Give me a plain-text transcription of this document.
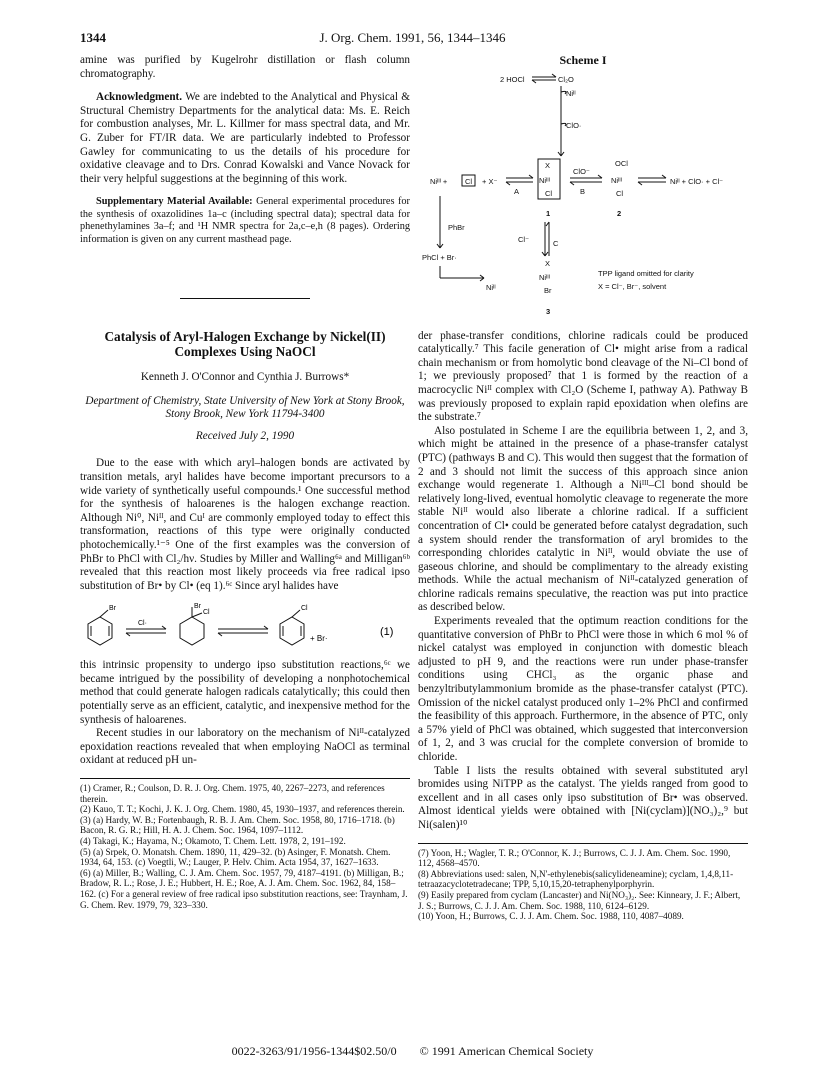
1344	J. Org. Chem. 1991, 56, 1344–1346

amine was purified by Kugelrohr distillation or flash column chromatography.

Acknowledgment. We are indebted to the Analytical and Physical & Structural Chemistry Departments for the analytical data: Ms. E. Reich for combustion analyses, Mr. L. Killmer for mass spectral data, and Mr. G. Zuber for FT/IR data. We are particularly indebted to Professor Gawley for communicating to us the details of his procedure for oxidative cleavage and to Drs. Conrad Kowalski and Vance Novack for their very helpful suggestions at the beginning of this work.

Supplementary Material Available: General experimental procedures for the synthesis of oxazolidines 1a–c (including spectral data); spectral data for phenethylamines 3a–f; and ¹H NMR spectra for 2a,c–e,h (8 pages). Ordering information is given on any current masthead page.

Catalysis of Aryl-Halogen Exchange by Nickel(II) Complexes Using NaOCl
Kenneth J. O'Connor and Cynthia J. Burrows*
Department of Chemistry, State University of New York at Stony Brook, Stony Brook, New York 11794-3400
Received July 2, 1990

Due to the ease with which aryl–halogen bonds are activated by transition metals, aryl halides have become important precursors to a wide variety of synthetically useful compounds.¹ One successful method for the synthesis of haloarenes is the halogen exchange reaction. Although Ni⁰, Niᴵᴵ, and Cuᴵ are commonly employed today to effect this transformation, reactions of this type were originally conducted photochemically.¹⁻⁵ One of the first examples was the conversion of PhBr to PhCl with Cl₂/hν. Studies by Miller and Walling⁶ᵃ and Milligan⁶ᵇ revealed that this reaction most likely proceeds via free radical ipso substitution of Br• by Cl• (eq 1).⁶ᶜ Since aryl halides have

Br
Cl·
Br
Cl
Cl
+ Br·
(1)

this intrinsic propensity to undergo ipso substitution reactions,⁶ᶜ we became intrigued by the possibility of developing a nonphotochemical method that could generate halogen radicals catalytically; this could then potentially serve as an efficient, catalytic, and inexpensive method for the synthesis of haloarenes.

Recent studies in our laboratory on the mechanism of Niᴵᴵ-catalyzed epoxidation reactions revealed that when employing NaOCl as terminal oxidant at reduced pH un-

(1) Cramer, R.; Coulson, D. R. J. Org. Chem. 1975, 40, 2267–2273, and references therein.
(2) Kauo, T. T.; Kochi, J. K. J. Org. Chem. 1980, 45, 1930–1937, and references therein.
(3) (a) Hardy, W. B.; Fortenbaugh, R. B. J. Am. Chem. Soc. 1958, 80, 1716–1718. (b) Bacon, R. G. R.; Hill, H. A. J. Chem. Soc. 1964, 1097–1112.
(4) Takagi, K.; Hayama, N.; Okamoto, T. Chem. Lett. 1978, 2, 191–192.
(5) (a) Srpek, O. Monatsh. Chem. 1890, 11, 429–32. (b) Asinger, F. Monatsh. Chem. 1934, 64, 153. (c) Voegtli, W.; Lauger, P. Helv. Chim. Acta 1954, 37, 1627–1633.
(6) (a) Miller, B.; Walling, C. J. Am. Chem. Soc. 1957, 79, 4187–4191. (b) Milligan, B.; Bradow, R. L.; Rose, J. E.; Hubbert, H. E.; Roe, A. J. Am. Chem. Soc. 1962, 84, 158–162. (c) For a general review of free radical ipso substitution reactions, see: Traynham, J. G. Chem. Rev. 1979, 79, 323–330.
Scheme I
2 HOCl	Cl₂O
Niᴵᴵ
ClO·
Niᴵᴵᴵ + Cl + X⁻
A
X
Niᴵᴵᴵ
Cl
1
ClO⁻
B
OCl
Niᴵᴵᴵ
Cl
2
Niᴵᴵ + ClO· + Cl⁻
PhBr
Cl⁻	C
PhCl + Br·
X
Niᴵᴵᴵ
Br
3
Niᴵᴵ
TPP ligand omitted for clarity
X = Cl⁻, Br⁻, solvent

der phase-transfer conditions, chlorine radicals could be produced catalytically.⁷ This facile generation of Cl• might arise from a radical chain mechanism or from homolytic bond cleavage of the Ni–Cl bond of 1; we previously proposed⁷ that 1 is formed by the reaction of a macrocyclic Niᴵᴵ complex with Cl₂O (Scheme I, pathway A). Pathway B was previously proposed to explain rapid epoxidation when olefins are the substrate.⁷

Also postulated in Scheme I are the equilibria between 1, 2, and 3, which might be attained in the presence of a phase-transfer catalyst (PTC) (pathways B and C). This would then suggest that the formation of 2 and 3 should not limit the success of this approach since anion exchange would regenerate 1. Although a Niᴵᴵᴵ–Cl bond should be relatively long-lived, eventual homolytic cleavage to regenerate the more stable Niᴵᴵ would also liberate a chlorine radical. If a sufficient concentration of Cl• could be generated before catalyst degradation, such a system should render the transformation of aryl bromides to the corresponding chlorides catalytic in Niᴵᴵ, would obviate the use of gaseous chlorine, and should be complimentary to the already existing methods. While the actual mechanism of Niᴵᴵ-catalyzed generation of chlorine radicals remains speculative, the reaction was put into practice as described below.

Experiments revealed that the optimum reaction conditions for the quantitative conversion of PhBr to PhCl were those in which 6 mol % of nickel catalyst was employed in conjunction with domestic bleach adjusted to pH 9, and the reactions were run under phase-transfer conditions using CHCl₃ as the organic phase and benzyltributylammonium bromide as the phase-transfer catalyst (PTC). Omission of the nickel catalyst produced only 1–2% PhCl and confirmed the feasibility of this approach. Furthermore, in the absence of PTC, only a 57% yield of PhCl was obtained, which suggested that interconversion of 1, 2, and 3 was crucial for the complete conversion of bromide to chloride.

Table I lists the results obtained with several substituted aryl bromides using NiTPP as the catalyst. The yields ranged from good to excellent and in all cases only ipso substitution of Br• was observed. Almost identical yields were obtained with [Ni(cyclam)](NO₃)₂,⁹ but Ni(salen)¹⁰

(7) Yoon, H.; Wagler, T. R.; O'Connor, K. J.; Burrows, C. J. J. Am. Chem. Soc. 1990, 112, 4568–4570.
(8) Abbreviations used: salen, N,N'-ethylenebis(salicylideneamine); cyclam, 1,4,8,11-tetraazacyclotetradecane; TPP, 5,10,15,20-tetraphenylporphyrin.
(9) Easily prepared from cyclam (Lancaster) and Ni(NO₃)₂. See: Kinneary, J. F.; Albert, J. S.; Burrows, C. J. J. Am. Chem. Soc. 1988, 110, 6124–6129.
(10) Yoon, H.; Burrows, C. J. J. Am. Chem. Soc. 1988, 110, 4087–4089.
0022-3263/91/1956-1344$02.50/0 © 1991 American Chemical Society
